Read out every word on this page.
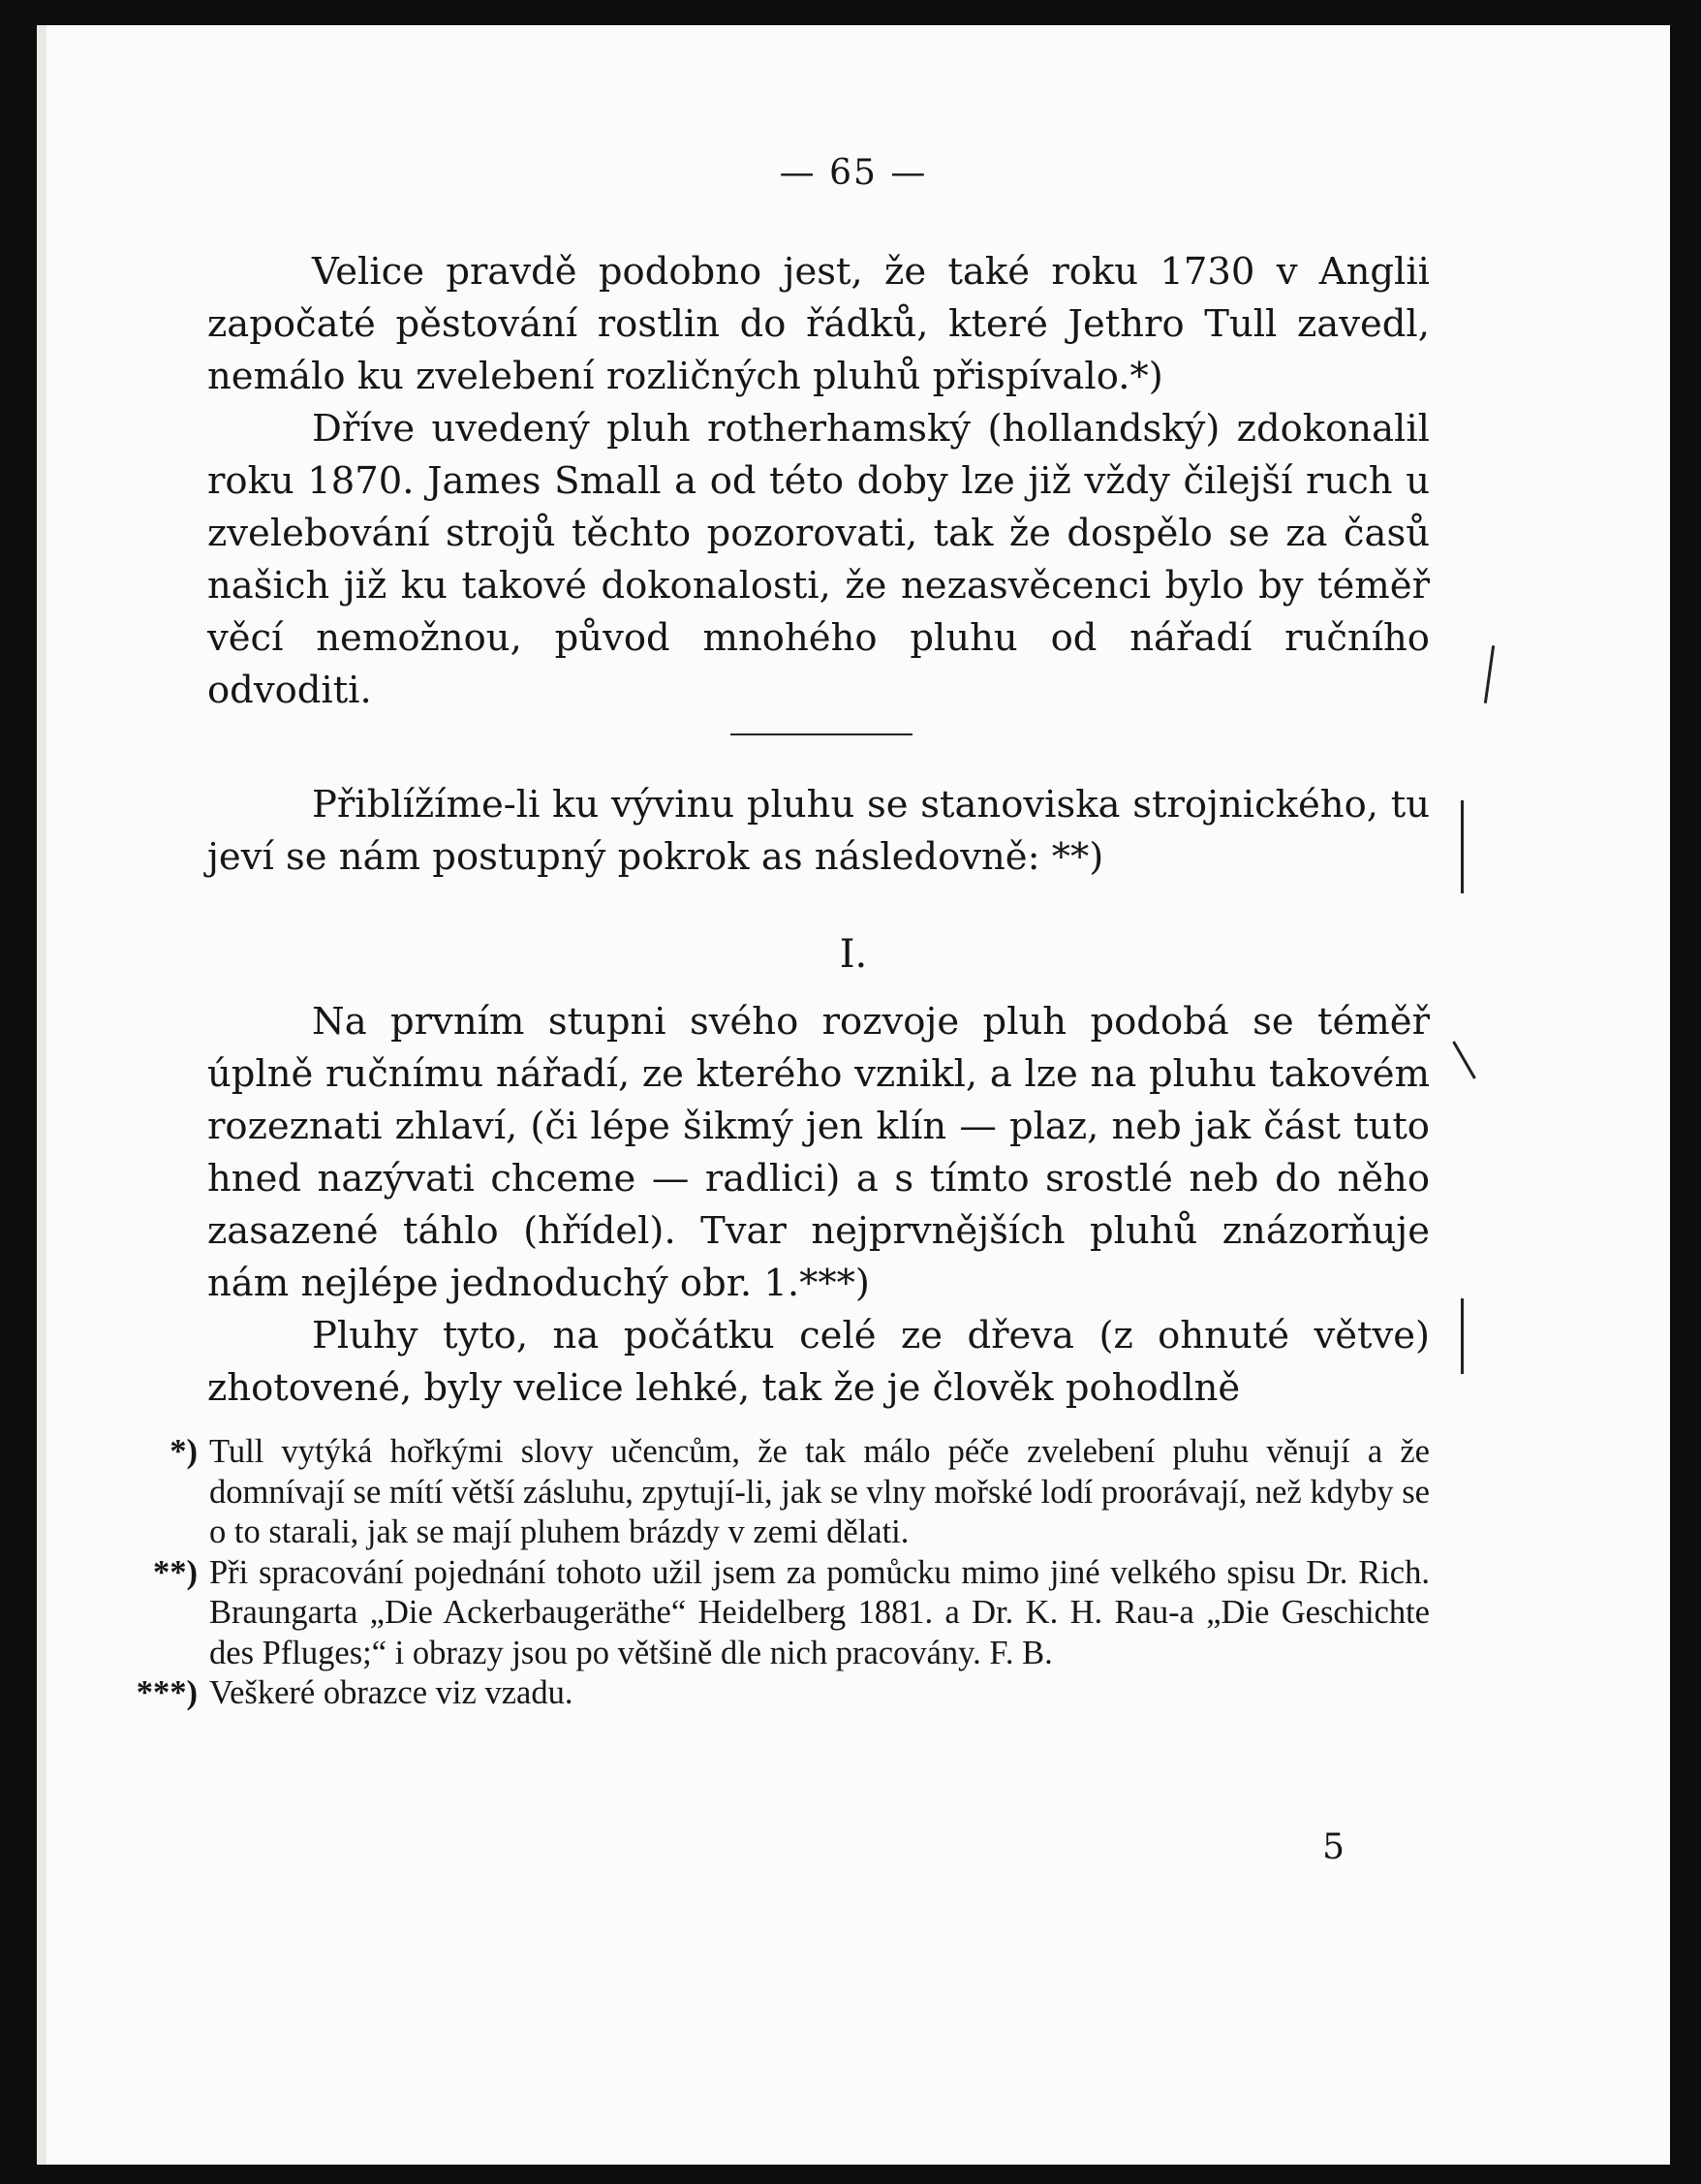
— 65 —

Velice pravdě podobno jest, že také roku 1730 v Anglii započaté pěstování rostlin do řádků, které Jethro Tull zavedl, nemálo ku zvelebení rozličných pluhů přispívalo.*)

Dříve uvedený pluh rotherhamský (hollandský) zdokonalil roku 1870. James Small a od této doby lze již vždy čilejší ruch u zvelebování strojů těchto pozorovati, tak že dospělo se za časů našich již ku takové dokonalosti, že nezasvěcenci bylo by téměř věcí nemožnou, původ mnohého pluhu od nářadí ručního odvoditi.

Přiblížíme-li ku vývinu pluhu se stanoviska strojnického, tu jeví se nám postupný pokrok as následovně: **)

I.

Na prvním stupni svého rozvoje pluh podobá se téměř úplně ručnímu nářadí, ze kterého vznikl, a lze na pluhu takovém rozeznati zhlaví, (či lépe šikmý jen klín — plaz, neb jak část tuto hned nazývati chceme — radlici) a s tímto srostlé neb do něho zasazené táhlo (hřídel). Tvar nejprvnějších pluhů znázorňuje nám nejlépe jednoduchý obr. 1.***)

Pluhy tyto, na počátku celé ze dřeva (z ohnuté větve) zhotovené, byly velice lehké, tak že je člověk pohodlně

*) Tull vytýká hořkými slovy učencům, že tak málo péče zvelebení pluhu věnují a že domnívají se mítí větší zásluhu, zpytují-li, jak se vlny mořské lodí proorávají, než kdyby se o to starali, jak se mají pluhem brázdy v zemi dělati.
**) Při spracování pojednání tohoto užil jsem za pomůcku mimo jiné velkého spisu Dr. Rich. Braungarta „Die Ackerbaugeräthe“ Heidelberg 1881. a Dr. K. H. Rau-a „Die Geschichte des Pfluges;“ i obrazy jsou po většině dle nich pracovány. F. B.
***) Veškeré obrazce viz vzadu.
5
